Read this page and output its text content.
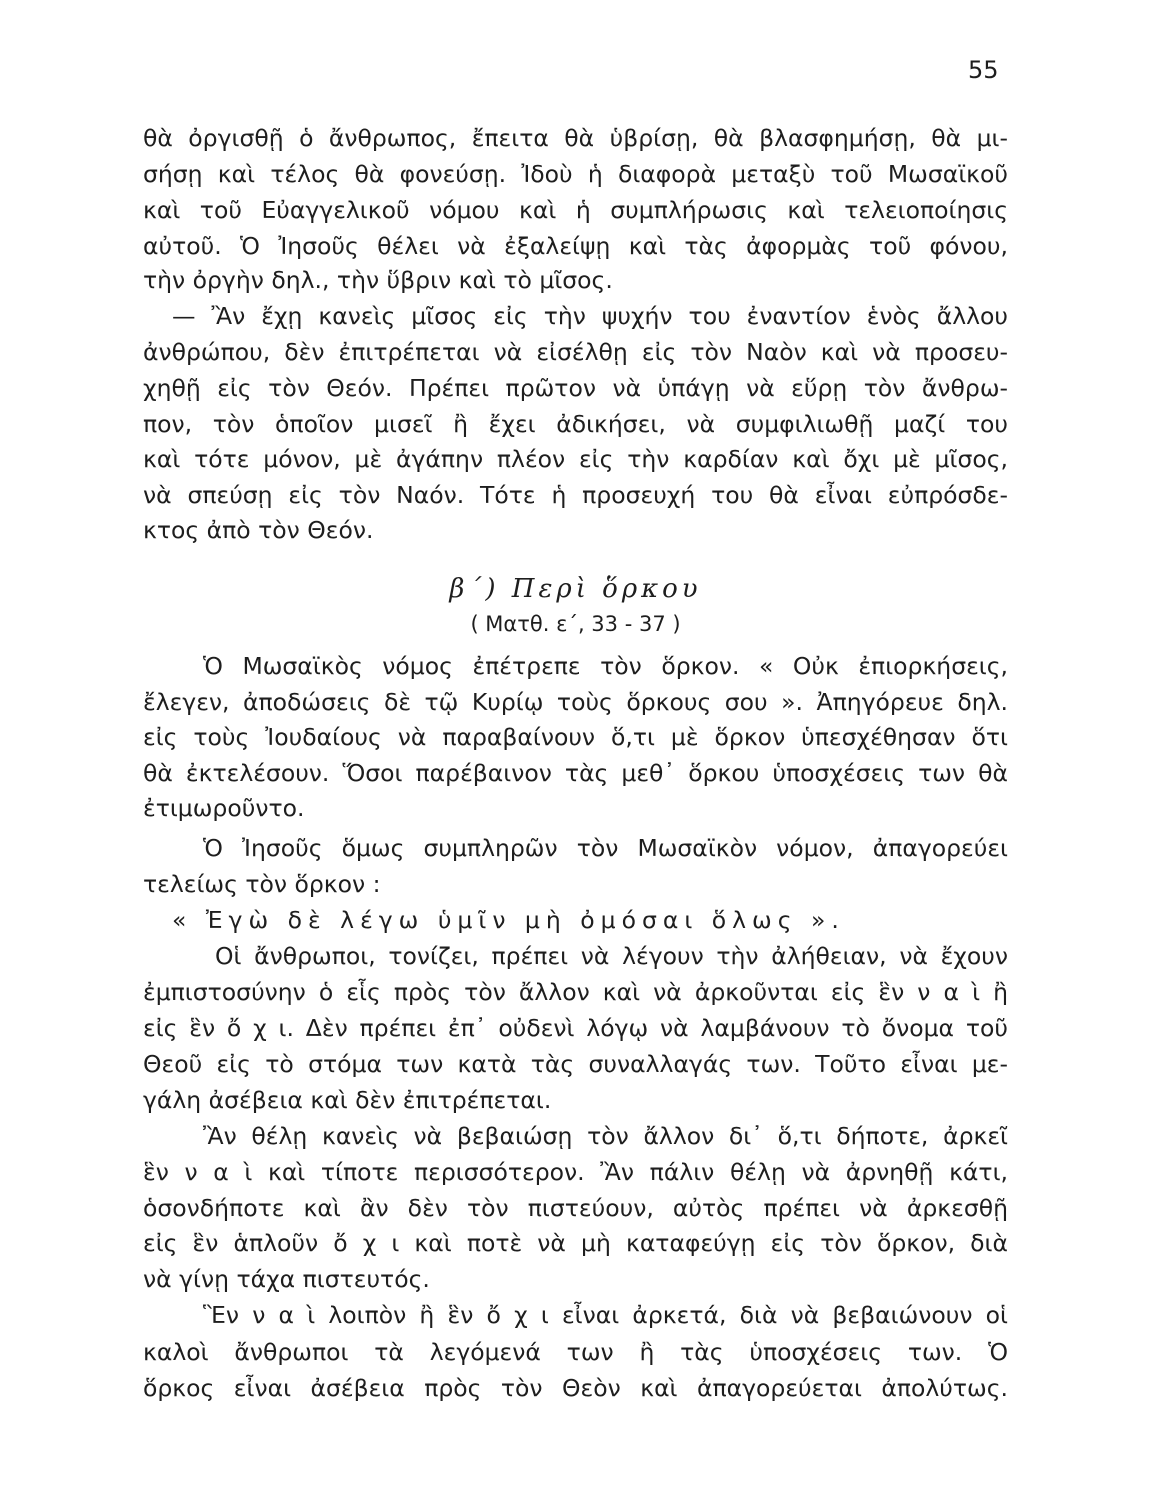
55
θὰ ὀργισθῇ ὁ ἄνθρωπος, ἔπειτα θὰ ὑβρίσῃ, θὰ βλασφημήσῃ, θὰ μι-
σήσῃ καὶ τέλος θὰ φονεύσῃ. Ἰδοὺ ἡ διαφορὰ μεταξὺ τοῦ Μωσαϊκοῦ
καὶ τοῦ Εὐαγγελικοῦ νόμου καὶ ἡ συμπλήρωσις καὶ τελειοποίησις
αὐτοῦ. Ὁ Ἰησοῦς θέλει νὰ ἐξαλείψῃ καὶ τὰς ἀφορμὰς τοῦ φόνου,
τὴν ὀργὴν δηλ., τὴν ὕβριν καὶ τὸ μῖσος.
— Ἂν ἔχῃ κανεὶς μῖσος εἰς τὴν ψυχήν του ἐναντίον ἑνὸς ἄλλου
ἀνθρώπου, δὲν ἐπιτρέπεται νὰ εἰσέλθῃ εἰς τὸν Ναὸν καὶ νὰ προσευ-
χηθῇ εἰς τὸν Θεόν. Πρέπει πρῶτον νὰ ὑπάγῃ νὰ εὕρῃ τὸν ἄνθρω-
πον, τὸν ὁποῖον μισεῖ ἢ ἔχει ἀδικήσει, νὰ συμφιλιωθῇ μαζί του
καὶ τότε μόνον, μὲ ἀγάπην πλέον εἰς τὴν καρδίαν καὶ ὄχι μὲ μῖσος,
νὰ σπεύσῃ εἰς τὸν Ναόν. Τότε ἡ προσευχή του θὰ εἶναι εὐπρόσδε-
κτος ἀπὸ τὸν Θεόν.
β΄) Περὶ ὅρκου
( Ματθ. ε΄, 33 - 37 )
Ὁ Μωσαϊκὸς νόμος ἐπέτρεπε τὸν ὅρκον. « Οὐκ ἐπιορκήσεις,
ἔλεγεν, ἀποδώσεις δὲ τῷ Κυρίῳ τοὺς ὅρκους σου ». Ἀπηγόρευε δηλ.
εἰς τοὺς Ἰουδαίους νὰ παραβαίνουν ὅ,τι μὲ ὅρκον ὑπεσχέθησαν ὅτι
θὰ ἐκτελέσουν. Ὅσοι παρέβαινον τὰς μεθ᾽ ὅρκου ὑποσχέσεις των θὰ
ἐτιμωροῦντο.
Ὁ Ἰησοῦς ὅμως συμπληρῶν τὸν Μωσαϊκὸν νόμον, ἀπαγορεύει
τελείως τὸν ὅρκον :
« Ἐγὼ δὲ λέγω ὑμῖν μὴ ὀμόσαι ὅλως ».
Οἱ ἄνθρωποι, τονίζει, πρέπει νὰ λέγουν τὴν ἀλήθειαν, νὰ ἔχουν
ἐμπιστοσύνην ὁ εἷς πρὸς τὸν ἄλλον καὶ νὰ ἀρκοῦνται εἰς ἓν ν α ὶ ἢ
εἰς ἓν ὄ χ ι. Δὲν πρέπει ἐπ᾽ οὐδενὶ λόγῳ νὰ λαμβάνουν τὸ ὄνομα τοῦ
Θεοῦ εἰς τὸ στόμα των κατὰ τὰς συναλλαγάς των. Τοῦτο εἶναι με-
γάλη ἀσέβεια καὶ δὲν ἐπιτρέπεται.
Ἂν θέλῃ κανεὶς νὰ βεβαιώσῃ τὸν ἄλλον δι᾽ ὅ,τι δήποτε, ἀρκεῖ
ἓν ν α ὶ καὶ τίποτε περισσότερον. Ἂν πάλιν θέλῃ νὰ ἀρνηθῇ κάτι,
ὁσονδήποτε καὶ ἂν δὲν τὸν πιστεύουν, αὐτὸς πρέπει νὰ ἀρκεσθῇ
εἰς ἓν ἁπλοῦν ὄ χ ι καὶ ποτὲ νὰ μὴ καταφεύγῃ εἰς τὸν ὅρκον, διὰ
νὰ γίνῃ τάχα πιστευτός.
Ἓν ν α ὶ λοιπὸν ἢ ἓν ὄ χ ι εἶναι ἀρκετά, διὰ νὰ βεβαιώνουν οἱ
καλοὶ ἄνθρωποι τὰ λεγόμενά των ἢ τὰς ὑποσχέσεις των. Ὁ
ὅρκος εἶναι ἀσέβεια πρὸς τὸν Θεὸν καὶ ἀπαγορεύεται ἀπολύτως.
